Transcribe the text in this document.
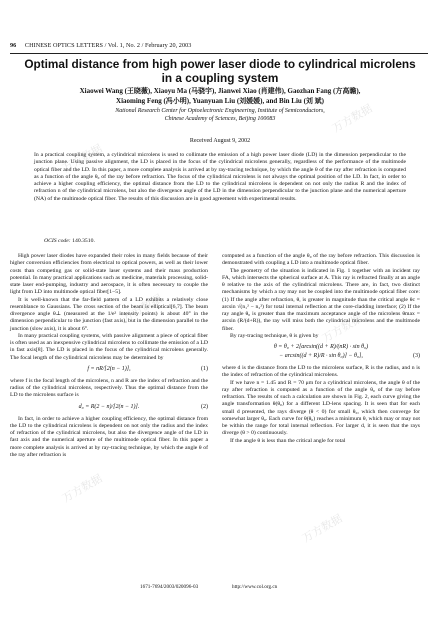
万方数据
万方数据
万方数据
万方数据
万方数据
万方数据
96 CHINESE OPTICS LETTERS / Vol. 1, No. 2 / February 20, 2003
Optimal distance from high power laser diode to cylindrical microlens in a coupling system
Xiaowei Wang (王晓薇), Xiaoyu Ma (马骁宇), Jianwei Xiao (肖建伟), Gaozhan Fang (方高瞻),
Xiaoming Feng (冯小明), Yuanyuan Liu (刘媛媛), and Bin Liu (刘 斌)
National Research Center for Optoelectronic Engineering, Institute of Semiconductors,
Chinese Academy of Sciences, Beijing 100083
Received August 9, 2002
In a practical coupling system, a cylindrical microlens is used to collimate the emission of a high power laser diode (LD) in the dimension perpendicular to the junction plane. Using passive alignment, the LD is placed in the focus of the cylindrical microlens generally, regardless of the performance of the multimode optical fiber and the LD. In this paper, a more complete analysis is arrived at by ray-tracing technique, by which the angle θ of the ray after refraction is computed as a function of the angle θ₀ of the ray before refraction. The focus of the cylindrical microlens is not always the optimal position of the LD. In fact, in order to achieve a higher coupling efficiency, the optimal distance from the LD to the cylindrical microlens is dependent on not only the radius R and the index of refraction n of the cylindrical microlens, but also the divergence angle of the LD in the dimension perpendicular to the junction plane and the numerical aperture (NA) of the multimode optical fiber. The results of this discussion are in good agreement with experimental results.
OCIS code: 140.3510.

High power laser diodes have expanded their roles in many fields because of their higher conversion efficiencies from electrical to optical powers, as well as their lower costs than competing gas or solid-state laser systems and their mass production potential. In many practical applications such as medicine, materials processing, solid-state laser end-pumping, industry and aerospace, it is often necessary to couple the light from LD into multimode optical fiber[1−5].

It is well-known that the far-field pattern of a LD exhibits a relatively close resemblance to Gaussians. The cross section of the beam is elliptical[6,7]. The beam divergence angle θ⊥ (measured at the 1/e² intensity points) is about 40° in the dimension perpendicular to the junction (fast axis), but in the dimension parallel to the junction (slow axis), it is about 6°.

In many practical coupling systems, with passive alignment a piece of optical fiber is often used as an inexpensive cylindrical microlens to collimate the emission of a LD in fast axis[8]. The LD is placed in the focus of the cylindrical microlens generally. The focal length of the cylindrical microlens may be determined by

f = nR/[2(n − 1)],	(1)

where f is the focal length of the microlens, n and R are the index of refraction and the radius of the cylindrical microlens, respectively. Thus the optimal distance from the LD to the microlens surface is

d₀ = R(2 − n)/[2(n − 1)].	(2)

In fact, in order to achieve a higher coupling efficiency, the optimal distance from the LD to the cylindrical microlens is dependent on not only the radius and the index of refraction of the cylindrical microlens, but also the divergence angle of the LD in fast axis and the numerical aperture of the multimode optical fiber. In this paper a more complete analysis is arrived at by ray-tracing technique, by which the angle θ of the ray after refraction is

computed as a function of the angle θ₀ of the ray before refraction. This discussion is demonstrated with coupling a LD into a multimode optical fiber.

The geometry of the situation is indicated in Fig. 1 together with an incident ray FA, which intersects the spherical surface at A. This ray is refracted finally at an angle θ relative to the axis of the cylindrical microlens. There are, in fact, two distinct mechanisms by which a ray may not be coupled into the multimode optical fiber core: (1) If the angle after refraction, θ, is greater in magnitude than the critical angle θc = arcsin √(n₁² − n₂²) for total internal reflection at the core-cladding interface; (2) If the ray angle θ₀ is greater than the maximum acceptance angle of the microlens θmax = arcsin (R/(d+R)), the ray will miss both the cylindrical microlens and the multimode fiber.

By ray-tracing technique, θ is given by

θ = θ₀ + 2[arcsin((d + R)/(nR) · sin θ₀)
− arcsin((d + R)/R · sin θ₀)] − θ₀],	(3)

where d is the distance from the LD to the microlens surface, R is the radius, and n is the index of refraction of the cylindrical microlens.

If we have n = 1.45 and R = 70 μm for a cylindrical microlens, the angle θ of the ray after refraction is computed as a function of the angle θ₀ of the ray before refraction. The results of such a calculation are shown in Fig. 2, each curve giving the angle transformation θ(θ₀) for a different LD-lens spacing. It is seen that for each small d presented, the rays diverge (θ < 0) for small θ₀, which then converge for somewhat larger θ₀. Each curve for θ(θ₀) reaches a minimum θ, which may or may not be within the range for total internal reflection. For larger d, it is seen that the rays diverge (θ > 0) continuously.

If the angle θ is less than the critical angle for total

1671-7694/2003/020096-03	http://www.col.org.cn
